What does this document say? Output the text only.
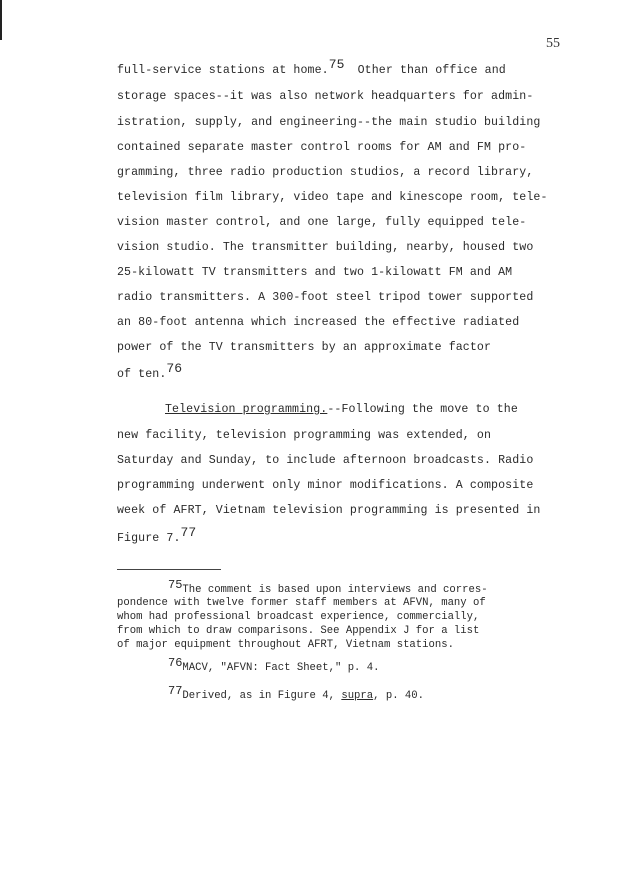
55
full-service stations at home.75 Other than office and
storage spaces--it was also network headquarters for admin-
istration, supply, and engineering--the main studio building
contained separate master control rooms for AM and FM pro-
gramming, three radio production studios, a record library,
television film library, video tape and kinescope room, tele-
vision master control, and one large, fully equipped tele-
vision studio. The transmitter building, nearby, housed two
25-kilowatt TV transmitters and two 1-kilowatt FM and AM
radio transmitters. A 300-foot steel tripod tower supported
an 80-foot antenna which increased the effective radiated
power of the TV transmitters by an approximate factor
of ten.76
Television programming.--Following the move to the
new facility, television programming was extended, on
Saturday and Sunday, to include afternoon broadcasts. Radio
programming underwent only minor modifications. A composite
week of AFRT, Vietnam television programming is presented in
Figure 7.77
75The comment is based upon interviews and corres-
pondence with twelve former staff members at AFVN, many of
whom had professional broadcast experience, commercially,
from which to draw comparisons. See Appendix J for a list
of major equipment throughout AFRT, Vietnam stations.
76MACV, "AFVN: Fact Sheet," p. 4.
77Derived, as in Figure 4, supra, p. 40.
